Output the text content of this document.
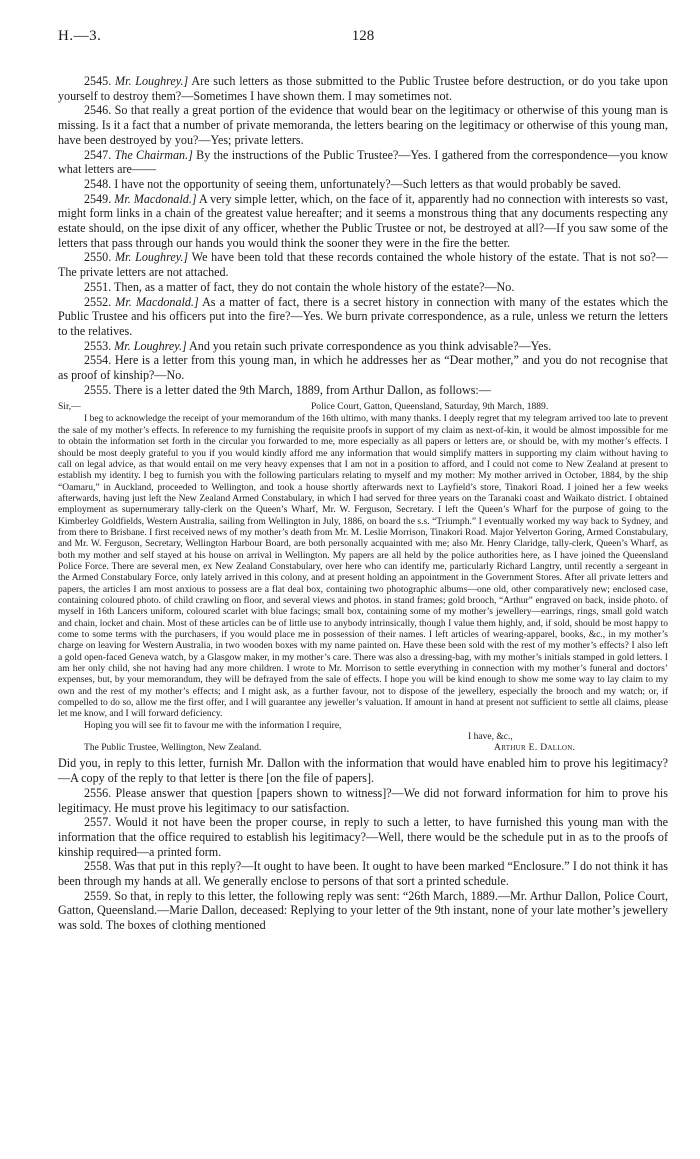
H.—3.	128

2545. Mr. Loughrey.] Are such letters as those submitted to the Public Trustee before destruction, or do you take upon yourself to destroy them?—Sometimes I have shown them. I may sometimes not.

2546. So that really a great portion of the evidence that would bear on the legitimacy or otherwise of this young man is missing. Is it a fact that a number of private memoranda, the letters bearing on the legitimacy or otherwise of this young man, have been destroyed by you?—Yes; private letters.

2547. The Chairman.] By the instructions of the Public Trustee?—Yes. I gathered from the correspondence—you know what letters are——

2548. I have not the opportunity of seeing them, unfortunately?—Such letters as that would probably be saved.

2549. Mr. Macdonald.] A very simple letter, which, on the face of it, apparently had no connection with interests so vast, might form links in a chain of the greatest value hereafter; and it seems a monstrous thing that any documents respecting any estate should, on the ipse dixit of any officer, whether the Public Trustee or not, be destroyed at all?—If you saw some of the letters that pass through our hands you would think the sooner they were in the fire the better.

2550. Mr. Loughrey.] We have been told that these records contained the whole history of the estate. That is not so?—The private letters are not attached.

2551. Then, as a matter of fact, they do not contain the whole history of the estate?—No.

2552. Mr. Macdonald.] As a matter of fact, there is a secret history in connection with many of the estates which the Public Trustee and his officers put into the fire?—Yes. We burn private correspondence, as a rule, unless we return the letters to the relatives.

2553. Mr. Loughrey.] And you retain such private correspondence as you think advisable?—Yes.

2554. Here is a letter from this young man, in which he addresses her as “Dear mother,” and you do not recognise that as proof of kinship?—No.

2555. There is a letter dated the 9th March, 1889, from Arthur Dallon, as follows:—

Sir,—	Police Court, Gatton, Queensland, Saturday, 9th March, 1889.

I beg to acknowledge the receipt of your memorandum of the 16th ultimo, with many thanks. I deeply regret that my telegram arrived too late to prevent the sale of my mother’s effects. In reference to my furnishing the requisite proofs in support of my claim as next-of-kin, it would be almost impossible for me to obtain the information set forth in the circular you forwarded to me, more especially as all papers or letters are, or should be, with my mother’s effects. I should be most deeply grateful to you if you would kindly afford me any information that would simplify matters in supporting my claim without having to call on legal advice, as that would entail on me very heavy expenses that I am not in a position to afford, and I could not come to New Zealand at present to establish my identity. I beg to furnish you with the following particulars relating to myself and my mother: My mother arrived in October, 1884, by the ship “Oamaru,” in Auckland, proceeded to Wellington, and took a house shortly afterwards next to Layfield’s store, Tinakori Road. I joined her a few weeks afterwards, having just left the New Zealand Armed Constabulary, in which I had served for three years on the Taranaki coast and Waikato district. I obtained employment as supernumerary tally-clerk on the Queen’s Wharf, Mr. W. Ferguson, Secretary. I left the Queen’s Wharf for the purpose of going to the Kimberley Goldfields, Western Australia, sailing from Wellington in July, 1886, on board the s.s. “Triumph.” I eventually worked my way back to Sydney, and from there to Brisbane. I first received news of my mother’s death from Mr. M. Leslie Morrison, Tinakori Road. Major Yelverton Goring, Armed Constabulary, and Mr. W. Ferguson, Secretary, Wellington Harbour Board, are both personally acquainted with me; also Mr. Henry Claridge, tally-clerk, Queen’s Wharf, as both my mother and self stayed at his house on arrival in Wellington. My papers are all held by the police authorities here, as I have joined the Queensland Police Force. There are several men, ex New Zealand Constabulary, over here who can identify me, particularly Richard Langtry, until recently a sergeant in the Armed Constabulary Force, only lately arrived in this colony, and at present holding an appointment in the Government Stores. After all private letters and papers, the articles I am most anxious to possess are a flat deal box, containing two photographic albums—one old, other comparatively new; enclosed case, containing coloured photo. of child crawling on floor, and several views and photos. in stand frames; gold brooch, “Arthur” engraved on back, inside photo. of myself in 16th Lancers uniform, coloured scarlet with blue facings; small box, containing some of my mother’s jewellery—earrings, rings, small gold watch and chain, locket and chain. Most of these articles can be of little use to anybody intrinsically, though I value them highly, and, if sold, should be most happy to come to some terms with the purchasers, if you would place me in possession of their names. I left articles of wearing-apparel, books, &c., in my mother’s charge on leaving for Western Australia, in two wooden boxes with my name painted on. Have these been sold with the rest of my mother’s effects? I also left a gold open-faced Geneva watch, by a Glasgow maker, in my mother’s care. There was also a dressing-bag, with my mother’s initials stamped in gold letters. I am her only child, she not having had any more children. I wrote to Mr. Morrison to settle everything in connection with my mother’s funeral and doctors’ expenses, but, by your memorandum, they will be defrayed from the sale of effects. I hope you will be kind enough to show me some way to lay claim to my own and the rest of my mother’s effects; and I might ask, as a further favour, not to dispose of the jewellery, especially the brooch and my watch; or, if compelled to do so, allow me the first offer, and I will guarantee any jeweller’s valuation. If amount in hand at present not sufficient to settle all claims, please let me know, and I will forward deficiency.

Hoping you will see fit to favour me with the information I require,

I have, &c.,

The Public Trustee, Wellington, New Zealand.	Arthur E. Dallon.

Did you, in reply to this letter, furnish Mr. Dallon with the information that would have enabled him to prove his legitimacy?—A copy of the reply to that letter is there [on the file of papers].

2556. Please answer that question [papers shown to witness]?—We did not forward information for him to prove his legitimacy. He must prove his legitimacy to our satisfaction.

2557. Would it not have been the proper course, in reply to such a letter, to have furnished this young man with the information that the office required to establish his legitimacy?—Well, there would be the schedule put in as to the proofs of kinship required—a printed form.

2558. Was that put in this reply?—It ought to have been. It ought to have been marked “Enclosure.” I do not think it has been through my hands at all. We generally enclose to persons of that sort a printed schedule.

2559. So that, in reply to this letter, the following reply was sent: “26th March, 1889.—Mr. Arthur Dallon, Police Court, Gatton, Queensland.—Marie Dallon, deceased: Replying to your letter of the 9th instant, none of your late mother’s jewellery was sold. The boxes of clothing mentioned
